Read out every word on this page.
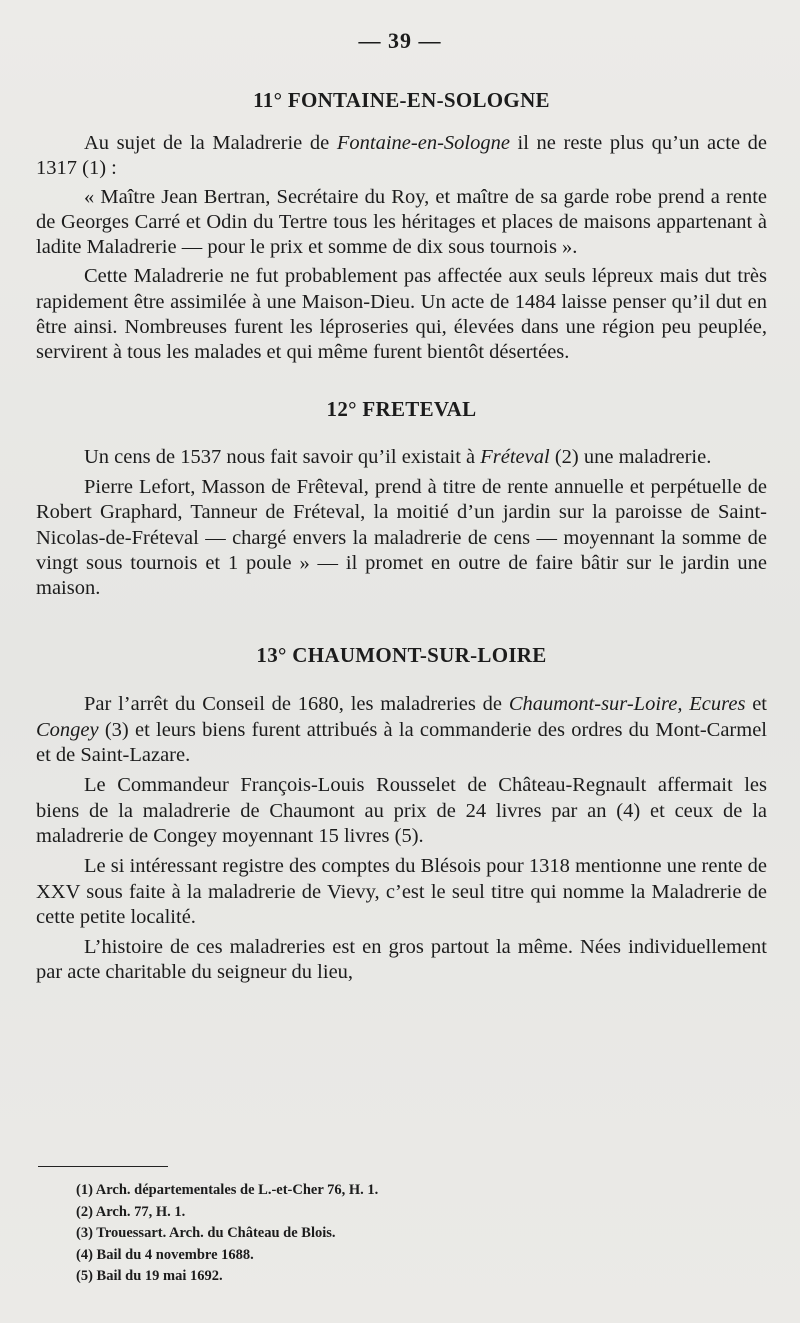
— 39 —
11° FONTAINE-EN-SOLOGNE

Au sujet de la Maladrerie de Fontaine-en-Sologne il ne reste plus qu’un acte de 1317 (1) :

« Maître Jean Bertran, Secrétaire du Roy, et maître de sa garde robe prend a rente de Georges Carré et Odin du Tertre tous les héritages et places de maisons appartenant à ladite Maladrerie — pour le prix et somme de dix sous tournois ».

Cette Maladrerie ne fut probablement pas affectée aux seuls lépreux mais dut très rapidement être assimilée à une Maison-Dieu. Un acte de 1484 laisse penser qu’il dut en être ainsi. Nombreuses furent les léproseries qui, élevées dans une région peu peuplée, servirent à tous les malades et qui même furent bientôt désertées.

12° FRETEVAL

Un cens de 1537 nous fait savoir qu’il existait à Fréteval (2) une maladrerie.

Pierre Lefort, Masson de Frêteval, prend à titre de rente annuelle et perpétuelle de Robert Graphard, Tanneur de Fréteval, la moitié d’un jardin sur la paroisse de Saint-Nicolas-de-Fréteval — chargé envers la maladrerie de cens — moyennant la somme de vingt sous tournois et 1 poule » — il promet en outre de faire bâtir sur le jardin une maison.

13° CHAUMONT-SUR-LOIRE

Par l’arrêt du Conseil de 1680, les maladreries de Chaumont-sur-Loire, Ecures et Congey (3) et leurs biens furent attribués à la commanderie des ordres du Mont-Carmel et de Saint-Lazare.

Le Commandeur François-Louis Rousselet de Château-Regnault affermait les biens de la maladrerie de Chaumont au prix de 24 livres par an (4) et ceux de la maladrerie de Congey moyennant 15 livres (5).

Le si intéressant registre des comptes du Blésois pour 1318 mentionne une rente de XXV sous faite à la maladrerie de Vievy, c’est le seul titre qui nomme la Maladrerie de cette petite localité.

L’histoire de ces maladreries est en gros partout la même. Nées individuellement par acte charitable du seigneur du lieu,

(1) Arch. départementales de L.-et-Cher 76, H. 1.
(2) Arch. 77, H. 1.
(3) Trouessart. Arch. du Château de Blois.
(4) Bail du 4 novembre 1688.
(5) Bail du 19 mai 1692.
